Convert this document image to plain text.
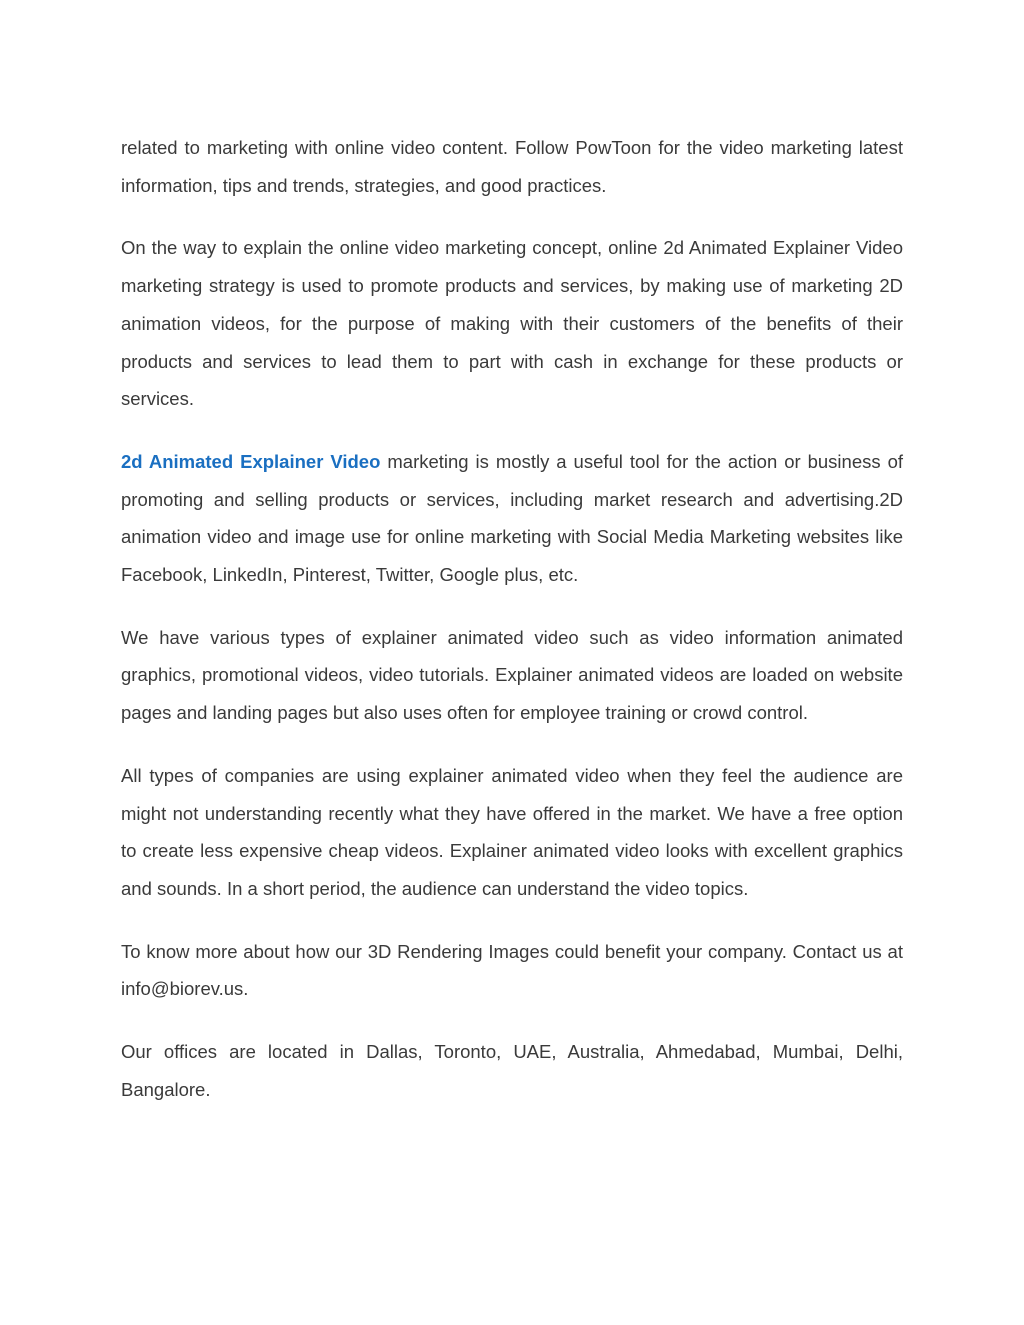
related to marketing with online video content. Follow PowToon for the video marketing latest information, tips and trends, strategies, and good practices.

On the way to explain the online video marketing concept, online 2d Animated Explainer Video marketing strategy is used to promote products and services, by making use of marketing 2D animation videos, for the purpose of making with their customers of the benefits of their products and services to lead them to part with cash in exchange for these products or services.

2d Animated Explainer Video marketing is mostly a useful tool for the action or business of promoting and selling products or services, including market research and advertising.2D animation video and image use for online marketing with Social Media Marketing websites like Facebook, LinkedIn, Pinterest, Twitter, Google plus, etc.

We have various types of explainer animated video such as video information animated graphics, promotional videos, video tutorials. Explainer animated videos are loaded on website pages and landing pages but also uses often for employee training or crowd control.

All types of companies are using explainer animated video when they feel the audience are might not understanding recently what they have offered in the market. We have a free option to create less expensive cheap videos. Explainer animated video looks with excellent graphics and sounds. In a short period, the audience can understand the video topics.

To know more about how our 3D Rendering Images could benefit your company. Contact us at info@biorev.us.

Our offices are located in Dallas, Toronto, UAE, Australia, Ahmedabad, Mumbai, Delhi, Bangalore.
